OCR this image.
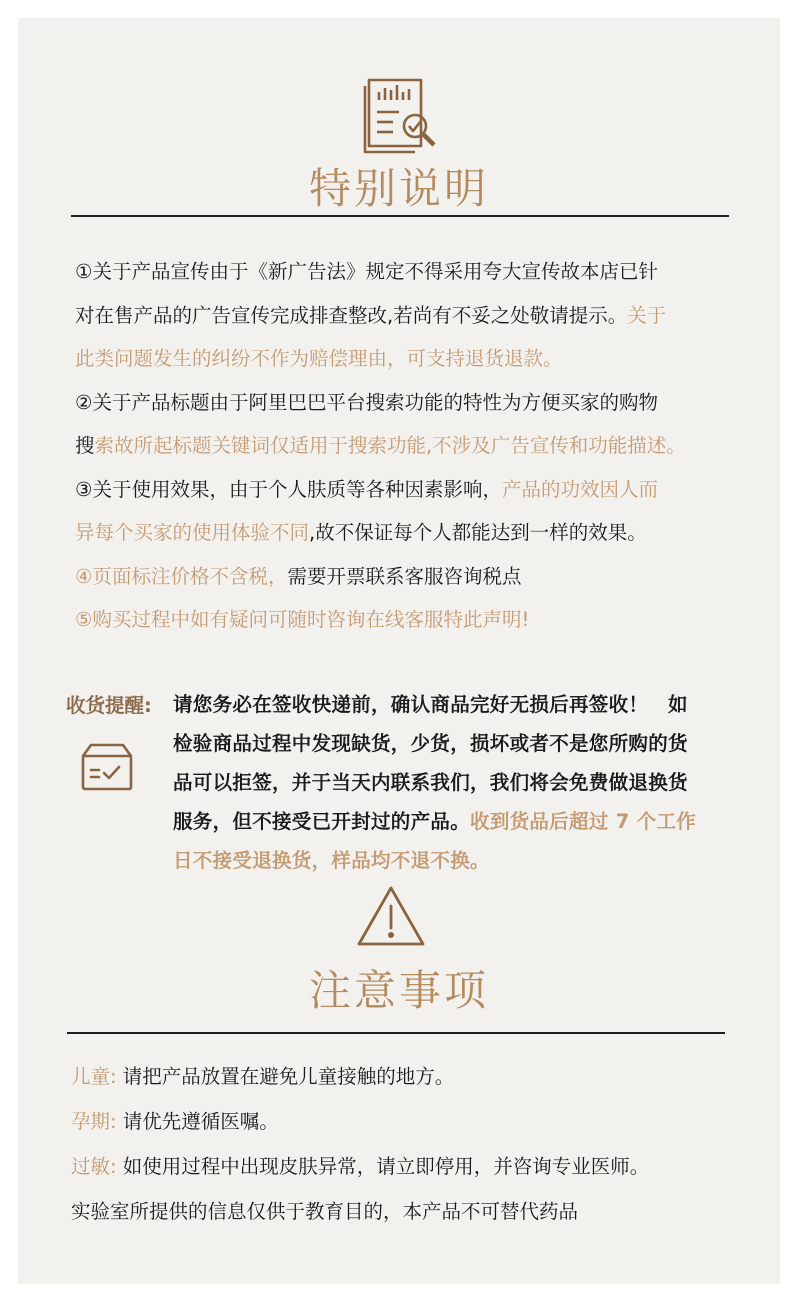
特别说明

①关于产品宣传由于《新广告法》规定不得采用夸大宣传故本店已针

对在售产品的广告宣传完成排查整改,若尚有不妥之处敬请提示。关于

此类问题发生的纠纷不作为赔偿理由，可支持退货退款。

②关于产品标题由于阿里巴巴平台搜索功能的特性为方便买家的购物

搜索故所起标题关键词仅适用于搜索功能,不涉及广告宣传和功能描述。

③关于使用效果，由于个人肤质等各种因素影响，产品的功效因人而

异每个买家的使用体验不同,故不保证每个人都能达到一样的效果。

④页面标注价格不含税，需要开票联系客服咨询税点

⑤购买过程中如有疑问可随时咨询在线客服特此声明!

收货提醒: 请您务必在签收快递前，确认商品完好无损后再签收！　如

检验商品过程中发现缺货，少货，损坏或者不是您所购的货

品可以拒签，并于当天内联系我们，我们将会免费做退换货

服务，但不接受已开封过的产品。收到货品后超过 7 个工作

日不接受退换货，样品均不退不换。

注意事项

儿童: 请把产品放置在避免儿童接触的地方。

孕期: 请优先遵循医嘱。

过敏: 如使用过程中出现皮肤异常，请立即停用，并咨询专业医师。

实验室所提供的信息仅供于教育目的，本产品不可替代药品
